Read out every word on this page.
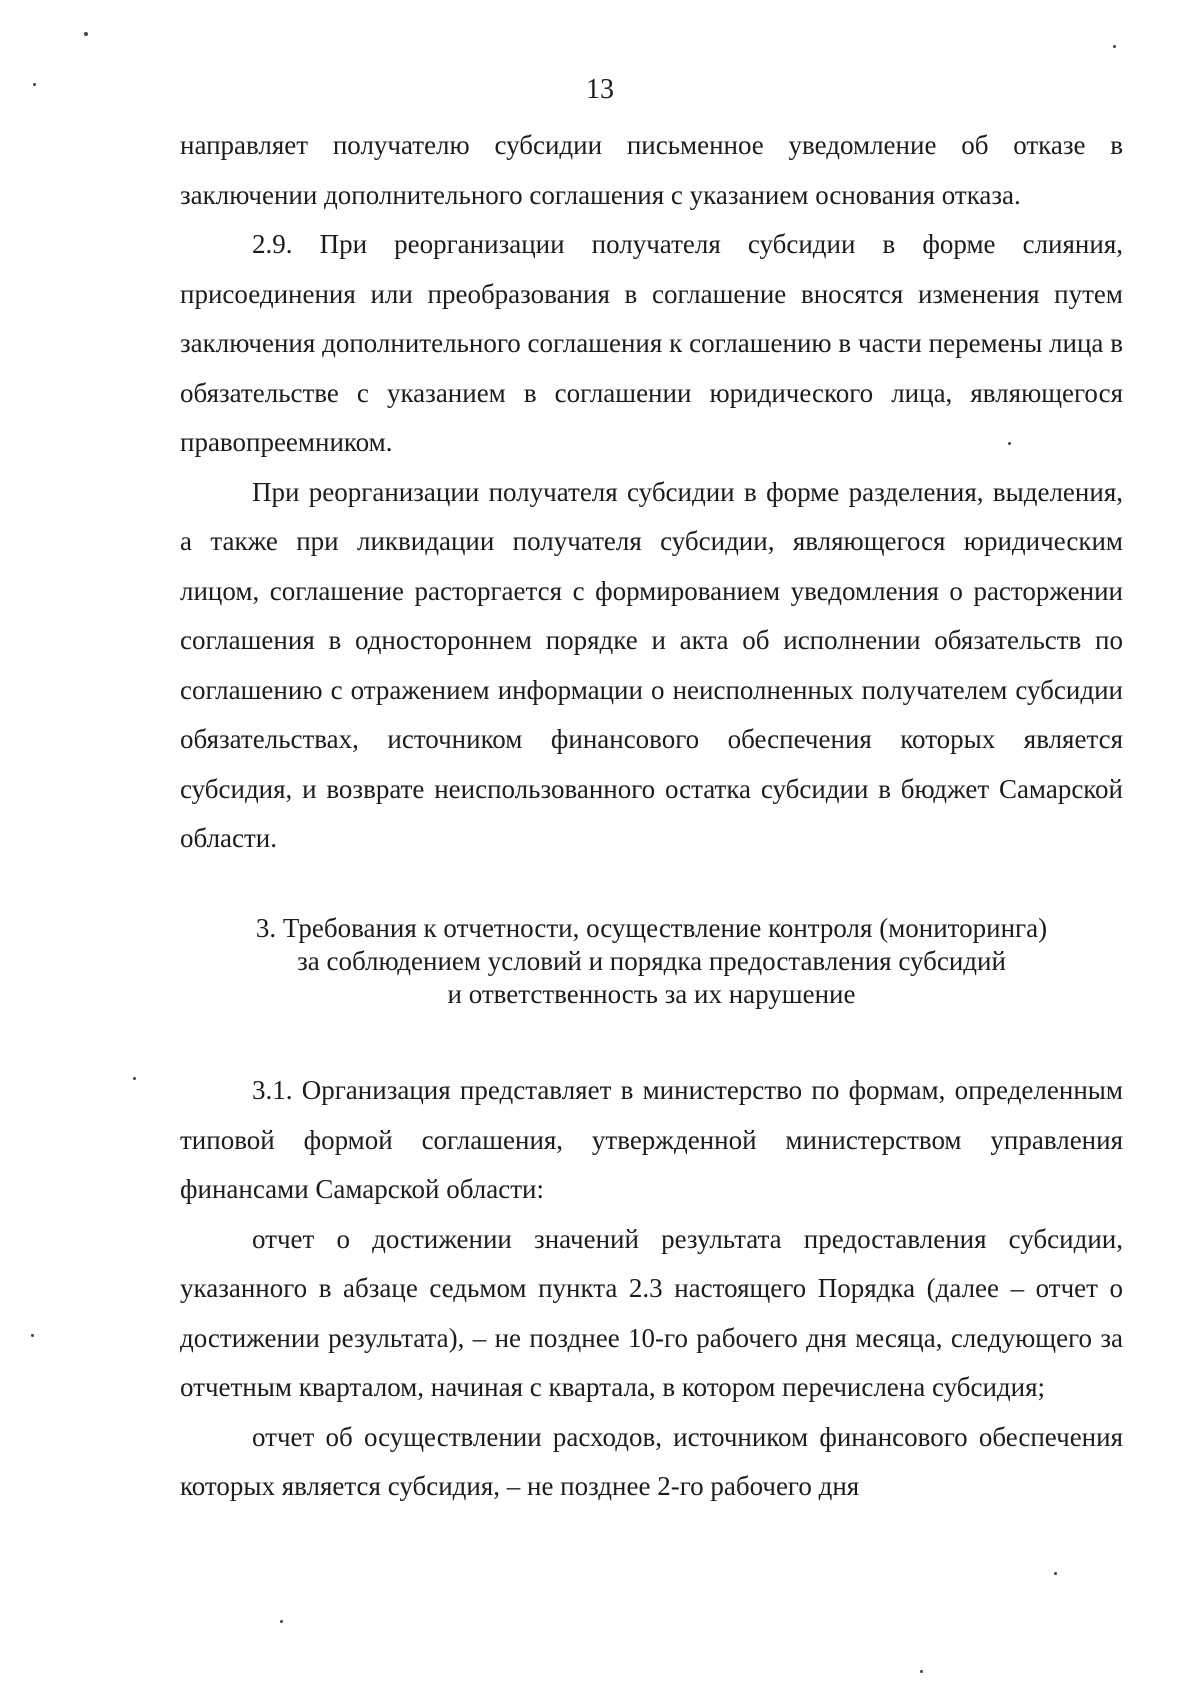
13

направляет получателю субсидии письменное уведомление об отказе в заключении дополнительного соглашения с указанием основания отказа.

2.9. При реорганизации получателя субсидии в форме слияния, присоединения или преобразования в соглашение вносятся изменения путем заключения дополнительного соглашения к соглашению в части перемены лица в обязательстве с указанием в соглашении юридического лица, являющегося правопреемником.

При реорганизации получателя субсидии в форме разделения, выделения, а также при ликвидации получателя субсидии, являющегося юридическим лицом, соглашение расторгается с формированием уведомления о расторжении соглашения в одностороннем порядке и акта об исполнении обязательств по соглашению с отражением информации о неисполненных получателем субсидии обязательствах, источником финансового обеспечения которых является субсидия, и возврате неиспользованного остатка субсидии в бюджет Самарской области.

3. Требования к отчетности, осуществление контроля (мониторинга)
за соблюдением условий и порядка предоставления субсидий
и ответственность за их нарушение

3.1. Организация представляет в министерство по формам, определенным типовой формой соглашения, утвержденной министерством управления финансами Самарской области:

отчет о достижении значений результата предоставления субсидии, указанного в абзаце седьмом пункта 2.3 настоящего Порядка (далее – отчет о достижении результата), – не позднее 10-го рабочего дня месяца, следующего за отчетным кварталом, начиная с квартала, в котором перечислена субсидия;

отчет об осуществлении расходов, источником финансового обеспечения которых является субсидия, – не позднее 2-го рабочего дня
